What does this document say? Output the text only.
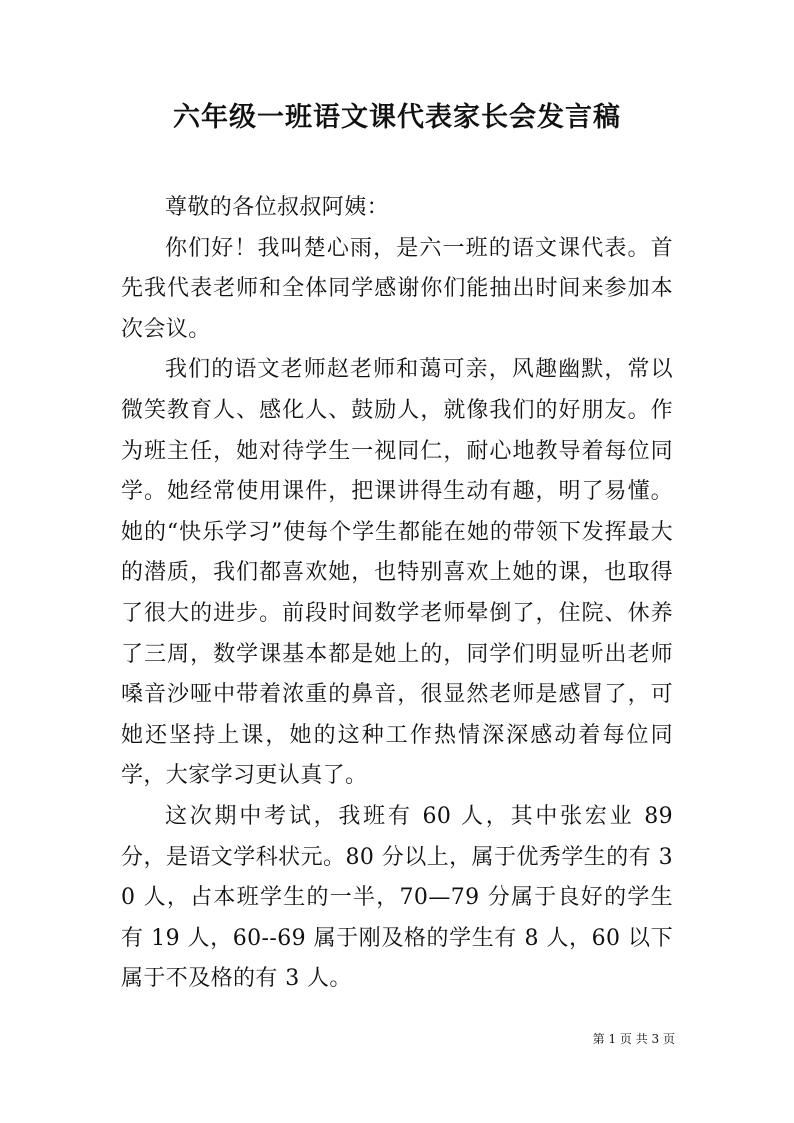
六年级一班语文课代表家长会发言稿

尊敬的各位叔叔阿姨：

你们好！我叫楚心雨，是六一班的语文课代表。首先我代表老师和全体同学感谢你们能抽出时间来参加本次会议。

我们的语文老师赵老师和蔼可亲，风趣幽默，常以微笑教育人、感化人、鼓励人，就像我们的好朋友。作为班主任，她对待学生一视同仁，耐心地教导着每位同学。她经常使用课件，把课讲得生动有趣，明了易懂。她的“快乐学习”使每个学生都能在她的带领下发挥最大的潜质，我们都喜欢她，也特别喜欢上她的课，也取得了很大的进步。前段时间数学老师晕倒了，住院、休养了三周，数学课基本都是她上的，同学们明显听出老师嗓音沙哑中带着浓重的鼻音，很显然老师是感冒了，可她还坚持上课，她的这种工作热情深深感动着每位同学，大家学习更认真了。

这次期中考试，我班有 60 人，其中张宏业 89 分，是语文学科状元。80 分以上，属于优秀学生的有 30 人，占本班学生的一半，70—79 分属于良好的学生有 19 人，60--69 属于刚及格的学生有 8 人，60 以下属于不及格的有 3 人。

第 1 页 共 3 页
